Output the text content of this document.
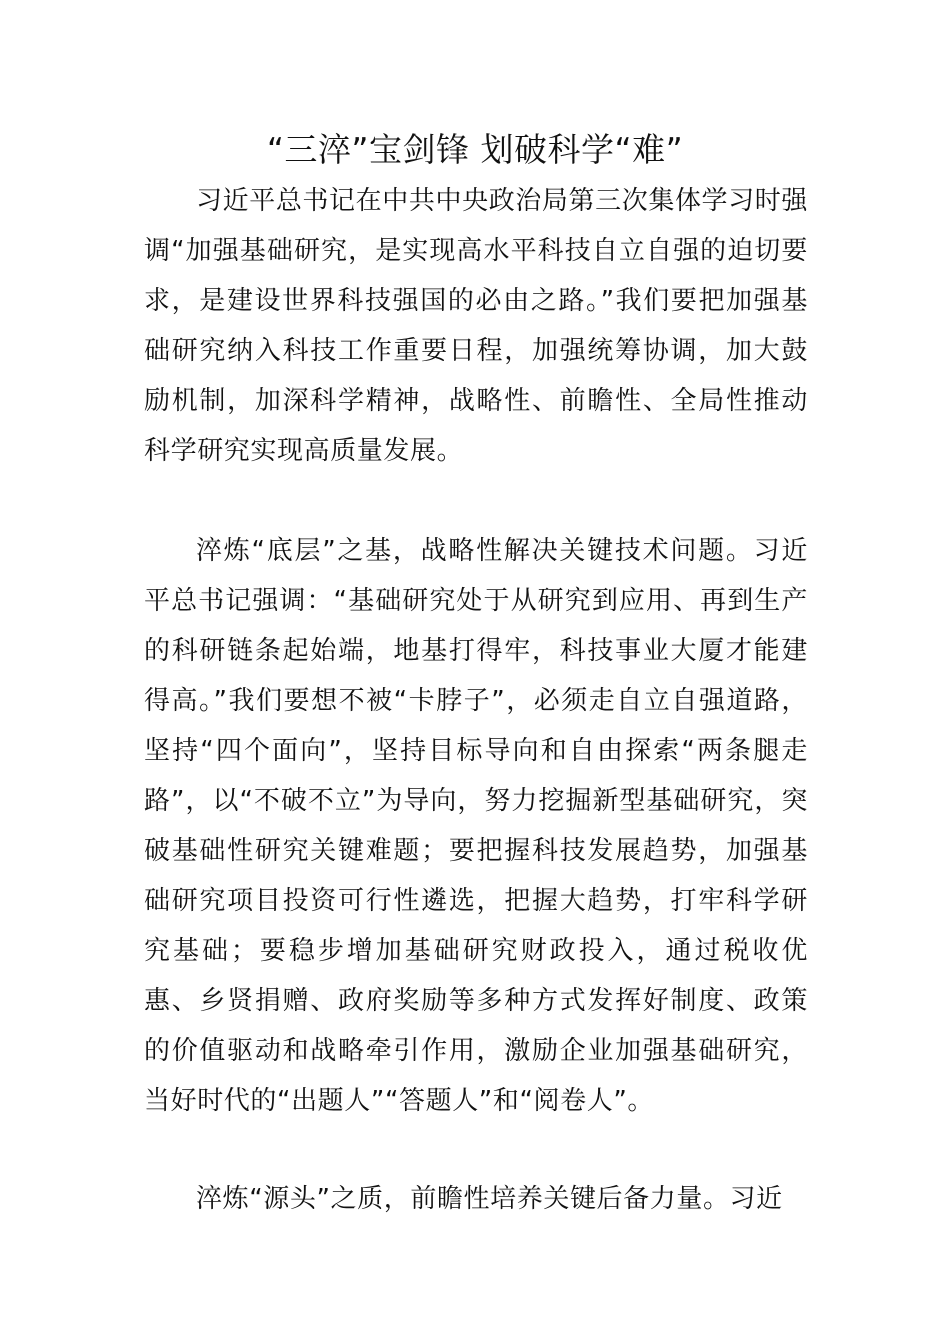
“三淬”宝剑锋 划破科学“难”

习近平总书记在中共中央政治局第三次集体学习时强调“加强基础研究，是实现高水平科技自立自强的迫切要求，是建设世界科技强国的必由之路。”我们要把加强基础研究纳入科技工作重要日程，加强统筹协调，加大鼓励机制，加深科学精神，战略性、前瞻性、全局性推动科学研究实现高质量发展。

淬炼“底层”之基，战略性解决关键技术问题。习近平总书记强调：“基础研究处于从研究到应用、再到生产的科研链条起始端，地基打得牢，科技事业大厦才能建得高。”我们要想不被“卡脖子”，必须走自立自强道路，坚持“四个面向”，坚持目标导向和自由探索“两条腿走路”，以“不破不立”为导向，努力挖掘新型基础研究，突破基础性研究关键难题；要把握科技发展趋势，加强基础研究项目投资可行性遴选，把握大趋势，打牢科学研究基础；要稳步增加基础研究财政投入，通过税收优惠、乡贤捐赠、政府奖励等多种方式发挥好制度、政策的价值驱动和战略牵引作用，激励企业加强基础研究，当好时代的“出题人”“答题人”和“阅卷人”。

淬炼“源头”之质，前瞻性培养关键后备力量。习近
